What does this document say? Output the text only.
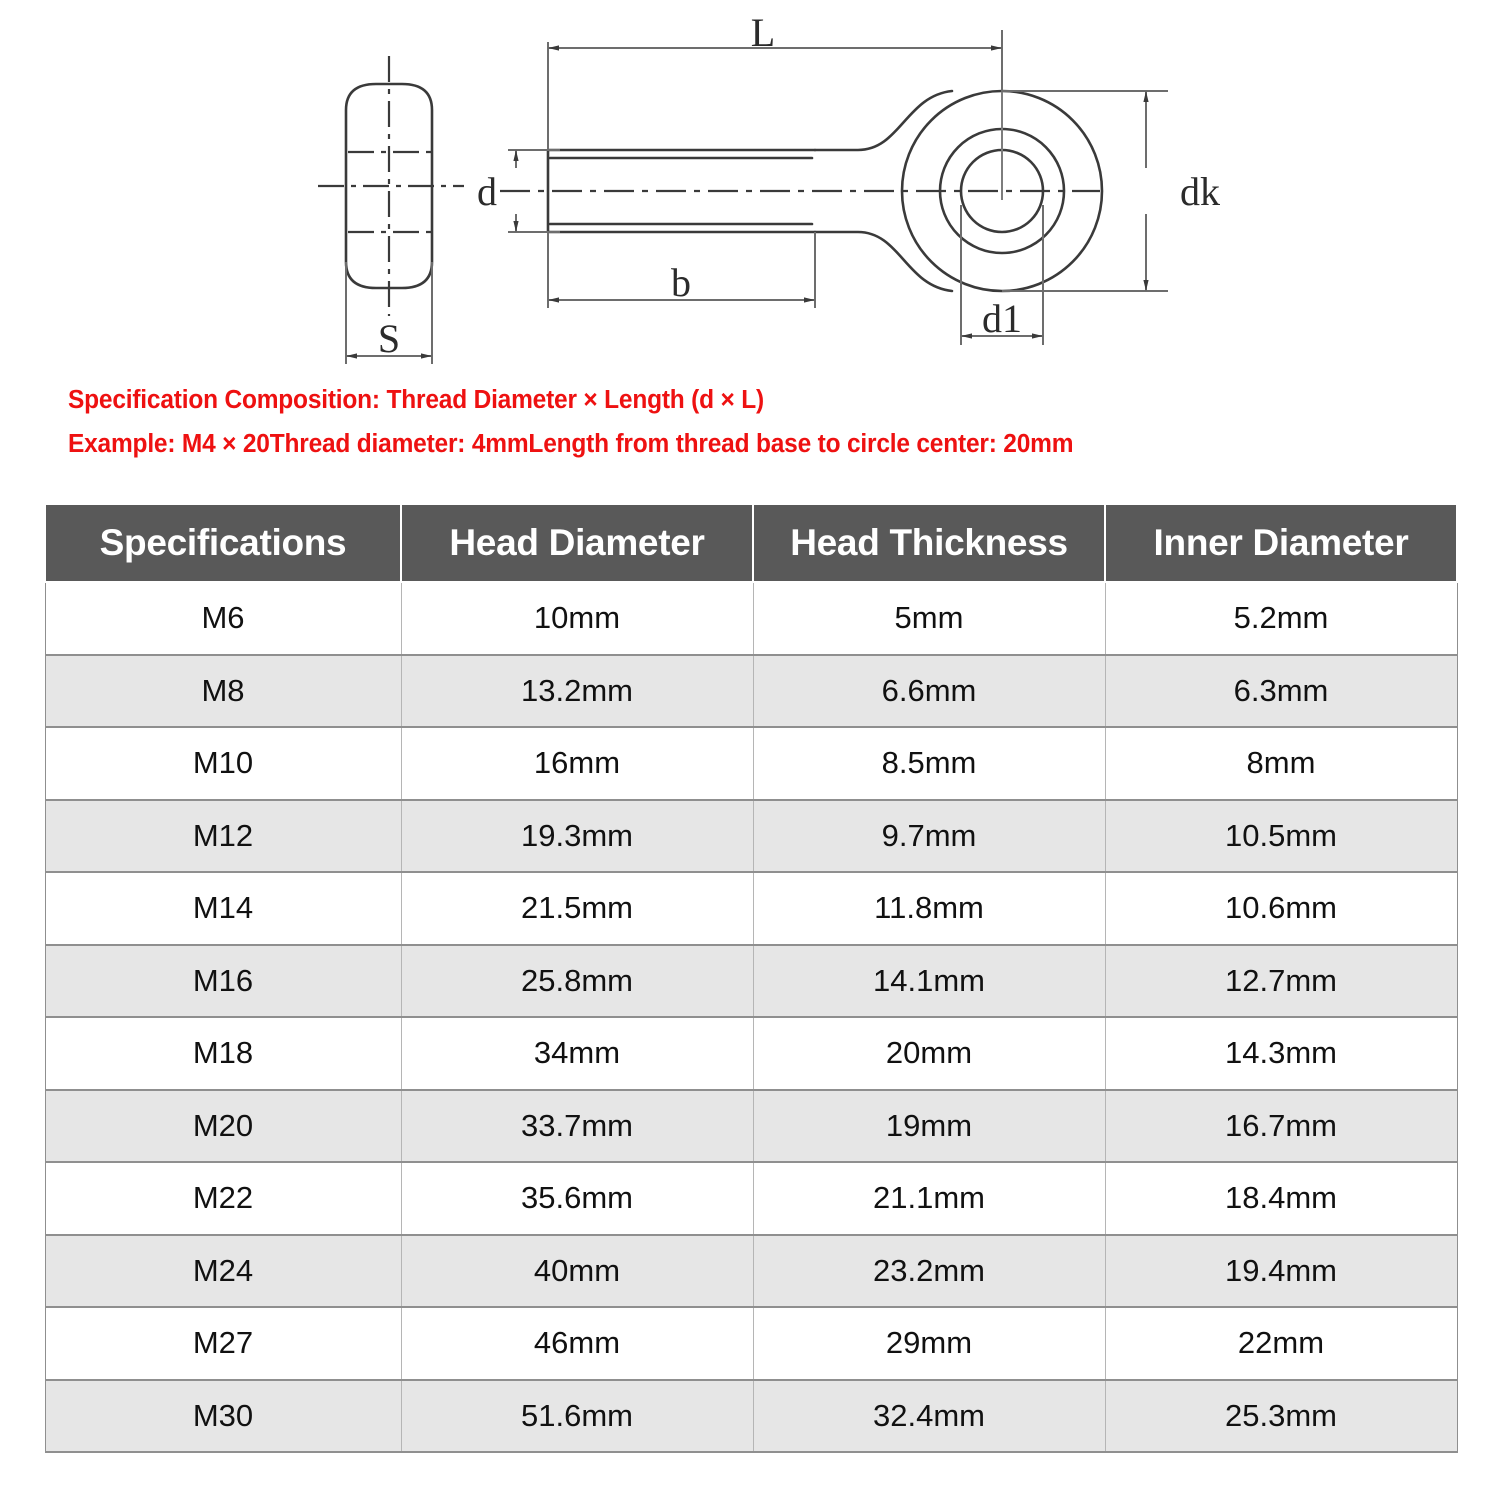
L
b
d	dk
d1
S
Specification Composition: Thread Diameter × Length (d × L)
Example: M4 × 20Thread diameter: 4mmLength from thread base to circle center: 20mm
Specifications	Head Diameter	Head Thickness	Inner Diameter
M6	10mm	5mm	5.2mm
M8	13.2mm	6.6mm	6.3mm
M10	16mm	8.5mm	8mm
M12	19.3mm	9.7mm	10.5mm
M14	21.5mm	11.8mm	10.6mm
M16	25.8mm	14.1mm	12.7mm
M18	34mm	20mm	14.3mm
M20	33.7mm	19mm	16.7mm
M22	35.6mm	21.1mm	18.4mm
M24	40mm	23.2mm	19.4mm
M27	46mm	29mm	22mm
M30	51.6mm	32.4mm	25.3mm
